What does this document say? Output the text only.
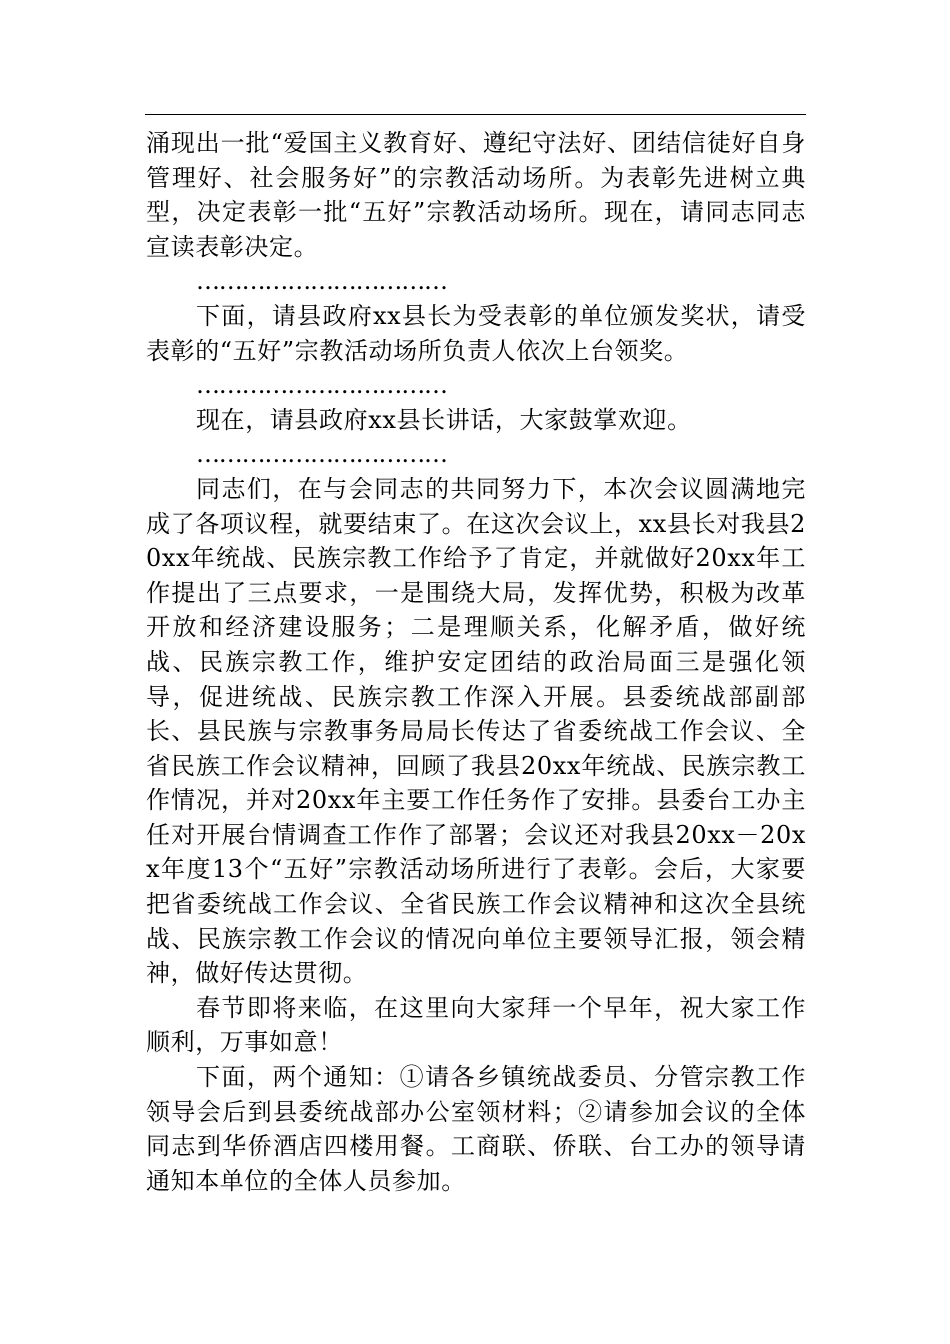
涌现出一批“爱国主义教育好、遵纪守法好、团结信徒好自身管理好、社会服务好”的宗教活动场所。为表彰先进树立典型，决定表彰一批“五好”宗教活动场所。现在，请同志同志宣读表彰决定。

……………………………

下面，请县政府xx县长为受表彰的单位颁发奖状，请受表彰的“五好”宗教活动场所负责人依次上台领奖。

……………………………

现在，请县政府xx县长讲话，大家鼓掌欢迎。

……………………………

同志们，在与会同志的共同努力下，本次会议圆满地完成了各项议程，就要结束了。在这次会议上，xx县长对我县20xx年统战、民族宗教工作给予了肯定，并就做好20xx年工作提出了三点要求，一是围绕大局，发挥优势，积极为改革开放和经济建设服务；二是理顺关系，化解矛盾，做好统战、民族宗教工作，维护安定团结的政治局面三是强化领导，促进统战、民族宗教工作深入开展。县委统战部副部长、县民族与宗教事务局局长传达了省委统战工作会议、全省民族工作会议精神，回顾了我县20xx年统战、民族宗教工作情况，并对20xx年主要工作任务作了安排。县委台工办主任对开展台情调查工作作了部署；会议还对我县20xx－20xx年度13个“五好”宗教活动场所进行了表彰。会后，大家要把省委统战工作会议、全省民族工作会议精神和这次全县统战、民族宗教工作会议的情况向单位主要领导汇报，领会精神，做好传达贯彻。

春节即将来临，在这里向大家拜一个早年，祝大家工作顺利，万事如意！

下面，两个通知：①请各乡镇统战委员、分管宗教工作领导会后到县委统战部办公室领材料；②请参加会议的全体同志到华侨酒店四楼用餐。工商联、侨联、台工办的领导请通知本单位的全体人员参加。
